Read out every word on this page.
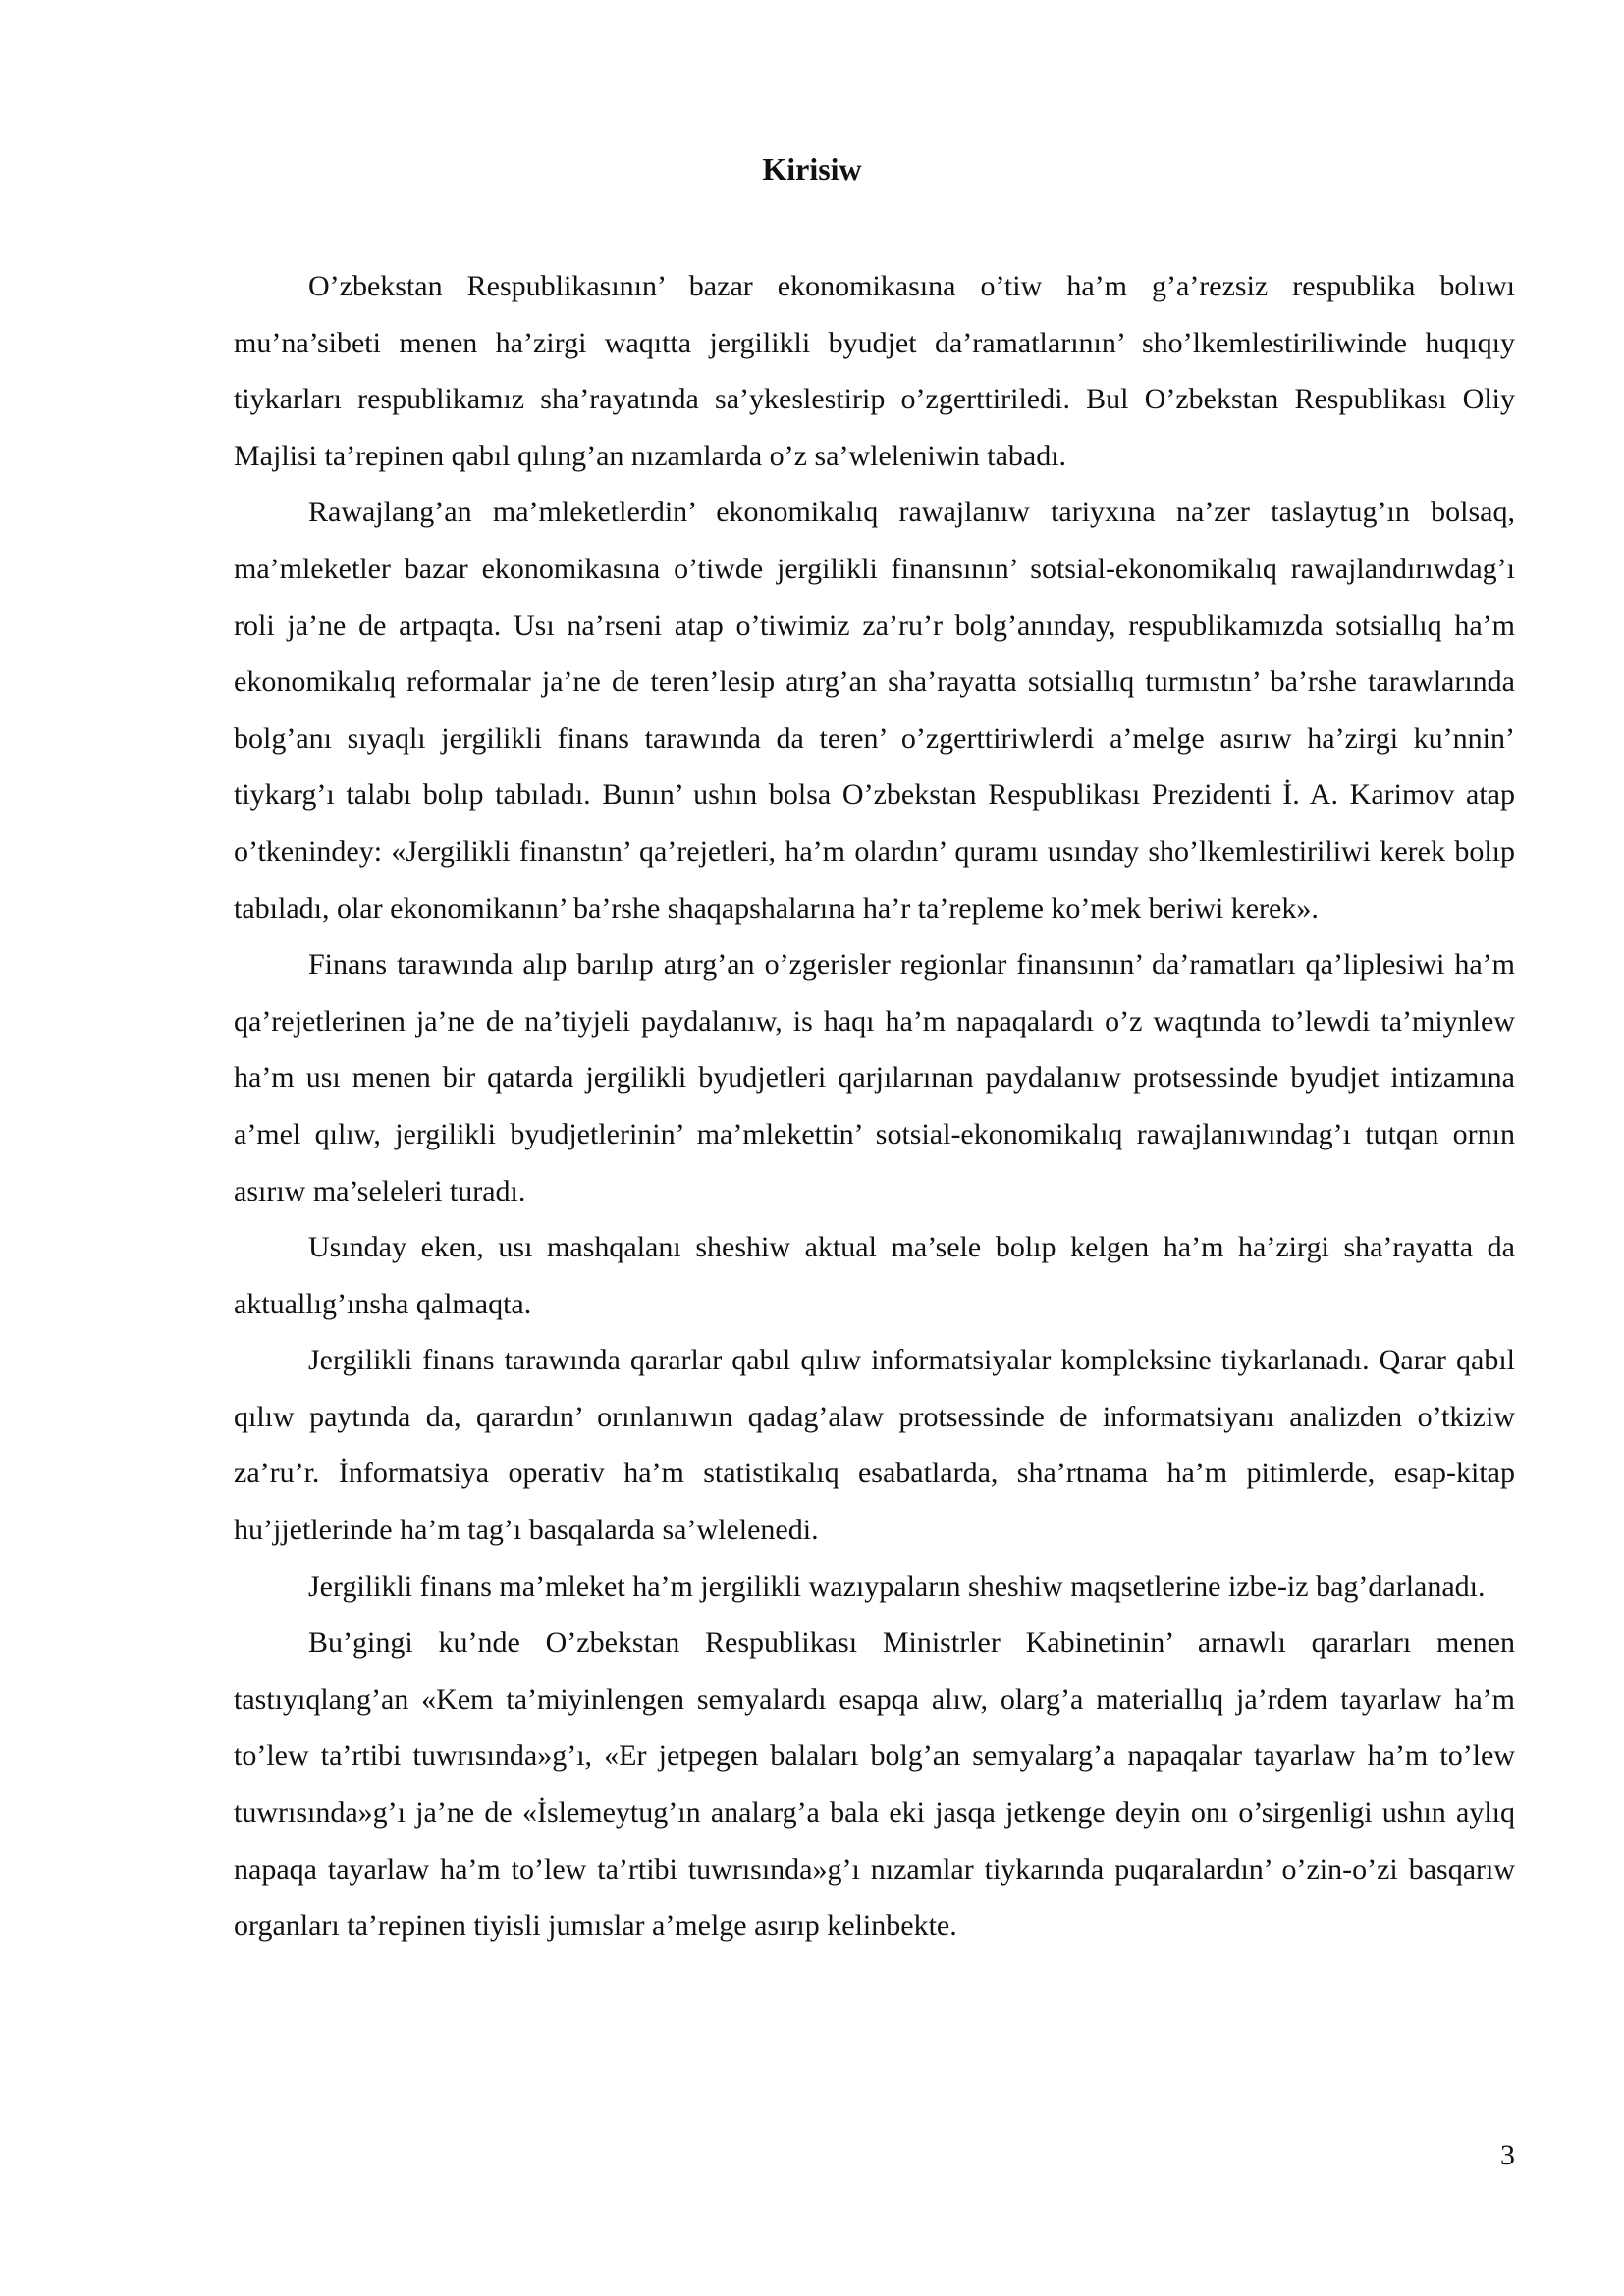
Kirisiw

O’zbekstan Respublikasının’ bazar ekonomikasına o’tiw ha’m g’a’rezsiz respublika bolıwı mu’na’sibeti menen ha’zirgi waqıtta jergilikli byudjet da’ramatlarının’ sho’lkemlestiriliwinde huqıqıy tiykarları respublikamız sha’rayatında sa’ykeslestirip o’zgerttiriledi. Bul O’zbekstan Respublikası Oliy Majlisi ta’repinen qabıl qılıng’an nızamlarda o’z sa’wleleniwin tabadı.

Rawajlang’an ma’mleketlerdin’ ekonomikalıq rawajlanıw tariyxına na’zer taslaytug’ın bolsaq, ma’mleketler bazar ekonomikasına o’tiwde jergilikli finansının’ sotsial-ekonomikalıq rawajlandırıwdag’ı roli ja’ne de artpaqta. Usı na’rseni atap o’tiwimiz za’ru’r bolg’anınday, respublikamızda sotsiallıq ha’m ekonomikalıq reformalar ja’ne de teren’lesip atırg’an sha’rayatta sotsiallıq turmıstın’ ba’rshe tarawlarında bolg’anı sıyaqlı jergilikli finans tarawında da teren’ o’zgerttiriwlerdi a’melge asırıw ha’zirgi ku’nnin’ tiykarg’ı talabı bolıp tabıladı. Bunın’ ushın bolsa O’zbekstan Respublikası Prezidenti İ. A. Karimov atap o’tkenindey: «Jergilikli finanstın’ qa’rejetleri, ha’m olardın’ quramı usınday sho’lkemlestiriliwi kerek bolıp tabıladı, olar ekonomikanın’ ba’rshe shaqapshalarına ha’r ta’repleme ko’mek beriwi kerek».

Finans tarawında alıp barılıp atırg’an o’zgerisler regionlar finansının’ da’ramatları qa’liplesiwi ha’m qa’rejetlerinen ja’ne de na’tiyjeli paydalanıw, is haqı ha’m napaqalardı o’z waqtında to’lewdi ta’miynlew ha’m usı menen bir qatarda jergilikli byudjetleri qarjılarınan paydalanıw protsessinde byudjet intizamına a’mel qılıw, jergilikli byudjetlerinin’ ma’mlekettin’ sotsial-ekonomikalıq rawajlanıwındag’ı tutqan ornın asırıw ma’seleleri turadı.

Usınday eken, usı mashqalanı sheshiw aktual ma’sele bolıp kelgen ha’m ha’zirgi sha’rayatta da aktuallıg’ınsha qalmaqta.

Jergilikli finans tarawında qararlar qabıl qılıw informatsiyalar kompleksine tiykarlanadı. Qarar qabıl qılıw paytında da, qarardın’ orınlanıwın qadag’alaw protsessinde de informatsiyanı analizden o’tkiziw za’ru’r. İnformatsiya operativ ha’m statistikalıq esabatlarda, sha’rtnama ha’m pitimlerde, esap-kitap hu’jjetlerinde ha’m tag’ı basqalarda sa’wlelenedi.

Jergilikli finans ma’mleket ha’m jergilikli wazıypaların sheshiw maqsetlerine izbe-iz bag’darlanadı.

Bu’gingi ku’nde O’zbekstan Respublikası Ministrler Kabinetinin’ arnawlı qararları menen tastıyıqlang’an «Kem ta’miyinlengen semyalardı esapqa alıw, olarg’a materiallıq ja’rdem tayarlaw ha’m to’lew ta’rtibi tuwrısında»g’ı, «Er jetpegen balaları bolg’an semyalarg’a napaqalar tayarlaw ha’m to’lew tuwrısında»g’ı ja’ne de «İslemeytug’ın analarg’a bala eki jasqa jetkenge deyin onı o’sirgenligi ushın aylıq napaqa tayarlaw ha’m to’lew ta’rtibi tuwrısında»g’ı nızamlar tiykarında puqaralardın’ o’zin-o’zi basqarıw organları ta’repinen tiyisli jumıslar a’melge asırıp kelinbekte.

3
